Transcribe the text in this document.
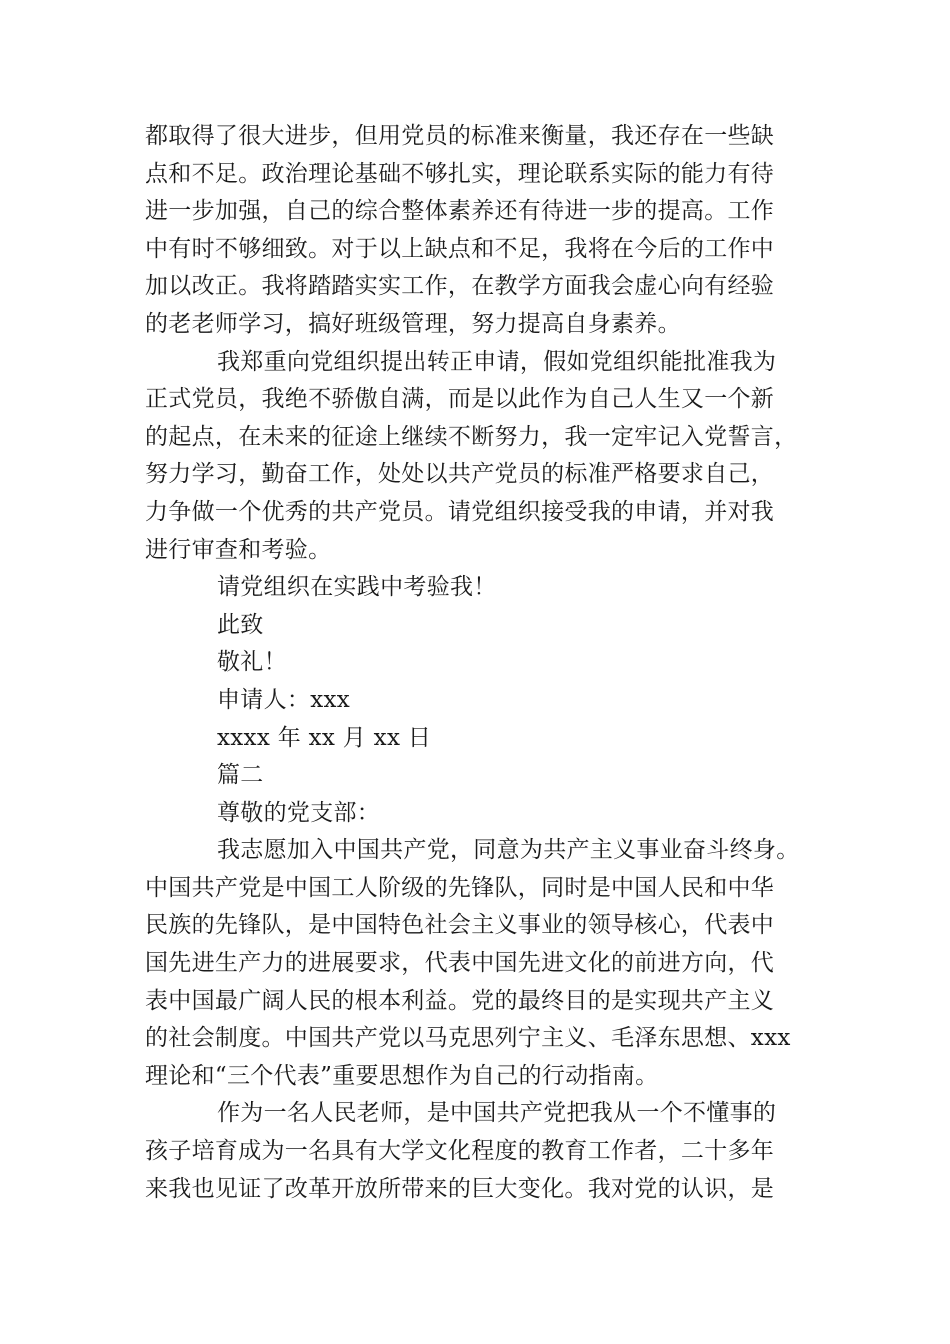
都取得了很大进步，但用党员的标准来衡量，我还存在一些缺
点和不足。政治理论基础不够扎实，理论联系实际的能力有待
进一步加强，自己的综合整体素养还有待进一步的提高。工作
中有时不够细致。对于以上缺点和不足，我将在今后的工作中
加以改正。我将踏踏实实工作，在教学方面我会虚心向有经验
的老老师学习，搞好班级管理，努力提高自身素养。
我郑重向党组织提出转正申请，假如党组织能批准我为
正式党员，我绝不骄傲自满，而是以此作为自己人生又一个新
的起点，在未来的征途上继续不断努力，我一定牢记入党誓言，
努力学习，勤奋工作，处处以共产党员的标准严格要求自己，
力争做一个优秀的共产党员。请党组织接受我的申请，并对我
进行审查和考验。
请党组织在实践中考验我！
此致
敬礼！
申请人：xxx
xxxx 年 xx 月 xx 日
篇二
尊敬的党支部：
我志愿加入中国共产党，同意为共产主义事业奋斗终身。
中国共产党是中国工人阶级的先锋队，同时是中国人民和中华
民族的先锋队，是中国特色社会主义事业的领导核心，代表中
国先进生产力的进展要求，代表中国先进文化的前进方向，代
表中国最广阔人民的根本利益。党的最终目的是实现共产主义
的社会制度。中国共产党以马克思列宁主义、毛泽东思想、xxx
理论和“三个代表”重要思想作为自己的行动指南。
作为一名人民老师，是中国共产党把我从一个不懂事的
孩子培育成为一名具有大学文化程度的教育工作者，二十多年
来我也见证了改革开放所带来的巨大变化。我对党的认识，是
